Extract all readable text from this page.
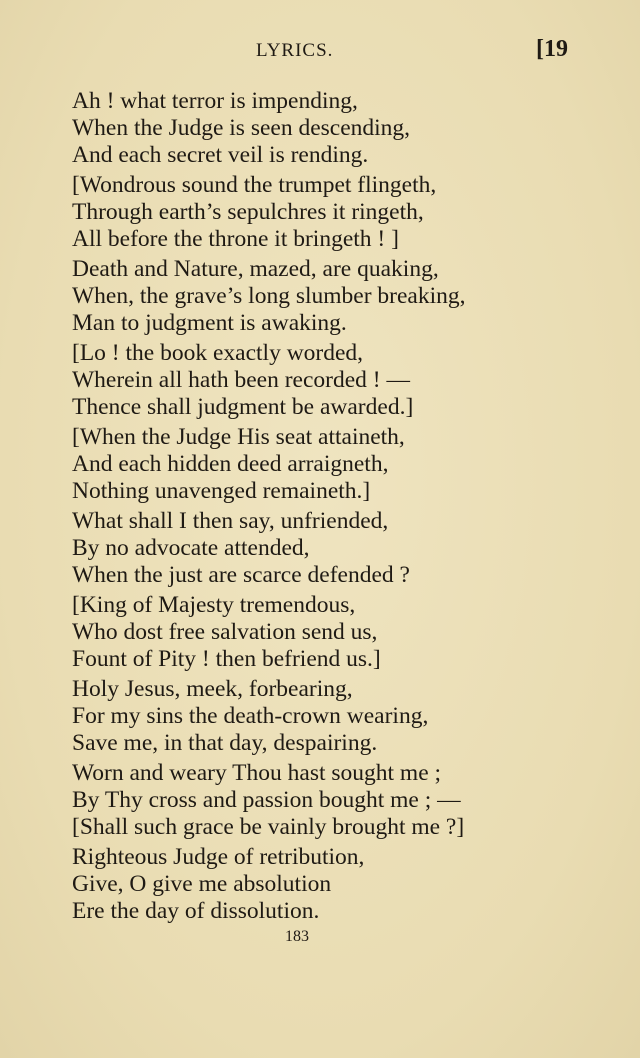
LYRICS.	[19
Ah ! what terror is impending,
When the Judge is seen descending,
And each secret veil is rending.
[Wondrous sound the trumpet flingeth,
Through earth’s sepulchres it ringeth,
All before the throne it bringeth ! ]
Death and Nature, mazed, are quaking,
When, the grave’s long slumber breaking,
Man to judgment is awaking.
[Lo ! the book exactly worded,
Wherein all hath been recorded ! —
Thence shall judgment be awarded.]
[When the Judge His seat attaineth,
And each hidden deed arraigneth,
Nothing unavenged remaineth.]
What shall I then say, unfriended,
By no advocate attended,
When the just are scarce defended ?
[King of Majesty tremendous,
Who dost free salvation send us,
Fount of Pity ! then befriend us.]
Holy Jesus, meek, forbearing,
For my sins the death-crown wearing,
Save me, in that day, despairing.
Worn and weary Thou hast sought me ;
By Thy cross and passion bought me ; —
[Shall such grace be vainly brought me ?]
Righteous Judge of retribution,
Give, O give me absolution
Ere the day of dissolution.
183
